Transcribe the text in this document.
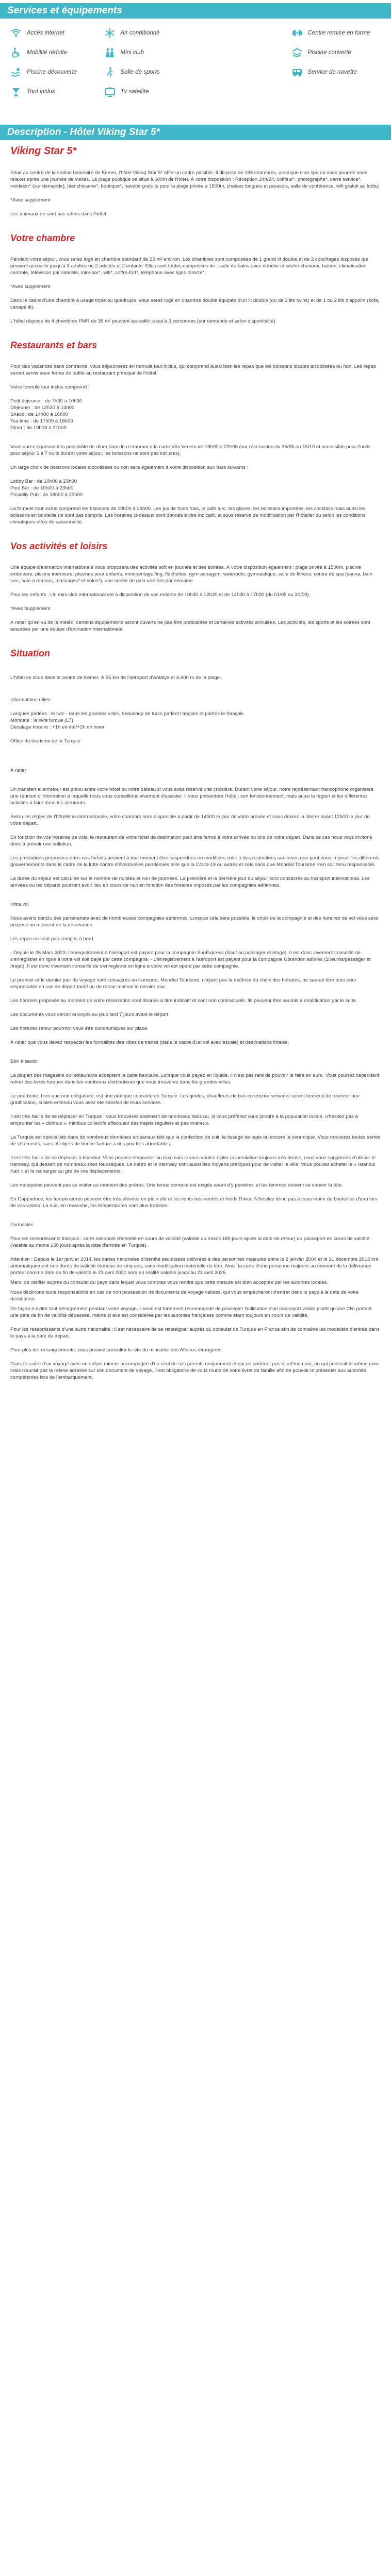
Services et équipements
Accès internet	Air conditionné	Centre remise en forme
Mobilité réduite	Mini club	Piscine couverte
Piscine découverte	Salle de sports	Service de navette
Tout inclus	Tv satellite
Description - Hôtel Viking Star 5*
Viking Star 5*

Situé au centre de la station balnéaire de Kemer, l'hôtel Viking Star 5* offre un cadre paisible. Il dispose de 198 chambres, ainsi que d'un spa où vous pourrez vous relaxer après une journée de visites. La plage publique se situe à 600m de l'hôtel. À votre disposition : Réception 24h/24, coiffeur*, photographe*, carré service*, médecin* (sur demande), blanchisserie*, boutique*, navette gratuite pour la plage privée à 1500m, chaises longues et parasols, salle de conférence, wifi gratuit au lobby.

*Avec supplément

Les animaux ne sont pas admis dans l'hôtel.

Votre chambre

Pendant votre séjour, vous serez logé en chambre standard de 25 m² environ. Les chambres sont composées de 1 grand lit double et de 2 couchages disposés qui peuvent accueillir jusqu'à 3 adultes ou 2 adultes et 2 enfants. Elles sont toutes composées de : salle de bains avec douche et sèche-cheveux, balcon, climatisation centrale, télévision par satellite, mini-bar*, wifi*, coffre-fort*, téléphone avec ligne directe*.

*Avec supplément

Dans le cadre d'une chambre à usage triple ou quadruple, vous serez logé en chambre double équipée d'un lit double (ou de 2 lits twins) et de 1 ou 2 lits d'appoint (sofa, canapé lit).

L'hôtel dispose de 4 chambres PMR de 35 m² pouvant accueillir jusqu'à 3 personnes (sur demande et selon disponibilité).

Restaurants et bars

Pour des vacances sans contrainte, vous séjournerez en formule tout inclus, qui comprend aussi bien les repas que les boissons locales alcoolisées ou non. Les repas seront servis sous forme de buffet au restaurant principal de l'hôtel.

Votre formule tout inclus comprend :

Petit déjeuner : de 7h30 à 10h30
Déjeuner : de 12h30 à 14h00
Snack : de 14h00 à 16h00
Tea time : de 17h00 à 18h00
Dîner : de 19h00 à 21h00

Vous aurez également la possibilité de dîner dans le restaurant à la carte Vila Veneto de 19h00 à 22h00 (sur réservation du 15/05 au 15/10 et accessible pour 2nuits pour séjour 5 à 7 nuits durant votre séjour, les boissons ne sont pas incluses).

Un large choix de boissons locales alcoolisées ou non sera également à votre disposition aux bars suivants :

Lobby Bar : de 10h00 à 23h00
Pool Bar : de 10h00 à 23h00
Picadilly Pub : de 18h00 à 23h00

La formule tout inclus comprend les boissons de 10h00 à 23h00. Les jus de fruits frais, le café turc, les glaces, les boissons importées, les cocktails mais aussi les boissons en bouteille ne sont pas compris. Les horaires ci-dessus sont donnés à titre indicatif, et sous réserve de modification par l'hôtelier ou selon les conditions climatiques et/ou de saisonnalité.

Vos activités et loisirs

Une équipe d'animation internationale vous proposera des activités soft en journée et des soirées. À votre disposition également : plage privée à 1500m, piscine extérieure, piscine intérieure, piscines pour enfants, mini-pentagolfing, fléchettes, gym-aquagym, waterpolo, gymnastique, salle de fitness, centre de spa (sauna, bain turc, bain à remous, massages* et soins*), une soirée de gala une fois par semaine.

Pour les enfants : Un mini club international est à disposition de vos enfants de 10h30 à 12h30 et de 14h30 à 17h00 (du 01/05 au 30/09).

*Avec supplément

À noter qu'en vu de la météo, certains équipements seront ouverts ne pas être praticables et certaines activités annulées. Les activités, les sports et les soirées sont assurées par une équipe d'animation internationale.

Situation

L'hôtel se situe dans le centre de Kemer. À 55 km de l'aéroport d'Antalya et à 600 m de la plage.

Informations utiles

Langues parlées : le turc - dans les grandes villes, beaucoup de turcs parlent l'anglais et parfois le français
Monnaie : la livre turque (LT)
Décalage horaire : +1h en été/+2h en hiver

Office du tourisme de la Turquie

À noter

Un transfert aller/retour est prévu entre votre hôtel ou votre bateau si vous avez réservé une croisière. Durant votre séjour, notre représentant francophone organisera une réunion d'information à laquelle nous vous conseillons vivement d'assister. Il vous présentera l'hôtel, son fonctionnement, mais aussi la région et les différentes activités à faire dans les alentours.

Selon les règles de l'hôtellerie internationale, votre chambre sera disponible à partir de 14h00 le jour de votre arrivée et vous devrez la libérer avant 12h00 le jour de votre départ.

En fonction de vos horaires de vols, le restaurant de votre hôtel de destination peut être fermé à votre arrivée ou lors de votre départ. Dans ce cas nous vous invitons donc à prévoir une collation.

Les prestations proposées dans nos forfaits peuvent à tout moment être suspendues ou modifiées suite à des restrictions sanitaires que peut vous imposer les différents gouvernements dans le cadre de la lutte contre d'éventuelles pandémies telle que la Covid-19 ou autres et cela sans que Mondial Tourisme n'en soit tenu responsable.

La durée du séjour est calculée sur le nombre de nuitées et non de journées. La première et la dernière jour du séjour sont consacrés au transport international. Les arrivées ou les départs pourront avoir lieu en cours de nuit en fonction des horaires imposés par les compagnies aériennes.

Infos vol

Nous avons conclu des partenariats avec de nombreuses compagnies aériennes. Lorsque cela sera possible, le choix de la compagnie et des horaires de vol vous sera proposé au moment de la réservation.

Les repas ne sont pas compris à bord.

- Depuis le 26 Mars 2023, l'enregistrement à l'aéroport est payant pour la compagnie SunExpress (Sauf au passager et étage). Il est donc vivement conseillé de s'enregistrer en ligne à votre vol soit payé par cette compagnie. - L'enregistrement à l'aéroport est payant pour la compagnie Corendon airlines (10euros/passager et /trajet). Il est donc vivement conseillé de s'enregistrer en ligne à votre vol est opéré par cette compagnie.

Le premier et le dernier jour du voyage sont consacrés au transport. Mondial Tourisme, n'ayant pas la maîtrise du choix des horaires, ne saurait être tenu pour responsable en cas de départ tardif ou de retour matinal le dernier jour.

Les horaires proposés au moment de votre réservation sont donnés à titre indicatif et sont non contractuels. Ils peuvent être soumis à modification par le suite.

Les documents vous seront envoyés au plus tard 7 jours avant le départ.

Les horaires retour pourront vous être communiqués sur place.

À noter que vous devez respecter les formalités des villes de transit (dans le cadre d'un vol avec escale) et destinations finales.

Bon à savoir

La plupart des magasins ou restaurants acceptent la carte bancaire. Lorsque vous payez en liquide, il n'est pas rare de pouvoir le faire en euro. Vous pourrez cependant retirer des livres turques dans les nombreux distributeurs que vous trouverez dans les grandes villes.

Le pourboire, bien que non obligatoire, est une pratique courante en Turquie. Les guides, chauffeurs de bus ou encore serveurs seront heureux de recevoir une gratification, si bien entendu vous avez été satisfait de leurs services.

Il est très facile de se déplacer en Turquie : vous trouverez aisément de nombreux taxis ou, si vous préférez vous joindre à la population locale, n'hésitez pas à emprunter les « dolmus », minibus collectifs effectuant des trajets réguliers et pas onéreux.

La Turquie est spécialiste dans de nombreux domaines artisanaux tels que la confection de cuir, le tissage de tapis ou encore la céramique. Vous trouverez toutes sortes de vêtements, sacs et objets de bonne facture à des prix très abordables.

Il est très facile de se déplacer à Istanbul. Vous pouvez emprunter un taxi mais si vous voulez éviter la circulation toujours très dense, nous vous suggérons d'utiliser le tramway, qui dessert de nombreux sites touristiques. Le métro et le tramway sont aussi des moyens pratiques pour de visiter la ville. Vous pouvez acheter la « Istanbul Kart » et la recharger au gré de vos déplacements.

Les mosquées peuvent pas se visiter au moment des prières. Une tenue correcte est exigée avant d'y pénétrer, et les femmes doivent se couvrir la tête.

En Cappadoce, les températures peuvent être très élevées en plein été et les vents très ventés et froids l'hiver. N'hésitez donc pas à vous munir de bouteilles d'eau lors de vos visites. La nuit, en revanche, les températures sont plus fraîches.

Formalités

Pour les ressortissants français : carte nationale d'identité en cours de validité (valable au moins 180 jours après la date de retour) ou passeport en cours de validité (valable au moins 150 jours après la date d'entrée en Turquie).

Attention : Depuis le 1er janvier 2014, les cartes nationales d'identité sécurisées délivrées à des personnes majeures entre le 2 janvier 2004 et le 31 décembre 2013 ont automatiquement une durée de validité étendue de cinq ans, sans modification matérielle du titre. Ainsi, la carte d'une personne majeure au moment de la délivrance portant comme date de fin de validité le 23 avril 2020 sera en réalité valable jusqu'au 23 avril 2025.

Merci de vérifier auprès du consulat du pays dans lequel vous comptez vous rendre que cette mesure est bien acceptée par les autorités locales.

Nous déclinons toute responsabilité en cas de non possession de documents de voyage valides, qui vous empêcheront d'entrer dans le pays à la date de votre destination.

De façon à éviter tout désagrément pendant votre voyage, il vous est fortement recommandé de privilégier l'utilisation d'un passeport valide plutôt qu'une CNI portant une date de fin de validité dépassée, même si elle est considérée par les autorités françaises comme étant toujours en cours de validité.

Pour les ressortissants d'une autre nationalité : il est nécessaire de se renseigner auprès du consulat de Turquie en France afin de connaître les modalités d'entrée dans le pays à la date du départ.

Pour plus de renseignements, vous pouvez consulter le site du ministère des Affaires étrangères.

Dans le cadre d'un voyage avec un enfant mineur accompagné d'un seul de ses parents uniquement et qui ne porterait pas le même nom, ou qui porterait le même nom mais n'aurait pas la même adresse sur son document de voyage, il est obligatoire de vous munir de votre livret de famille afin de pouvoir le présenter aux autorités compétentes lors de l'embarquement.
